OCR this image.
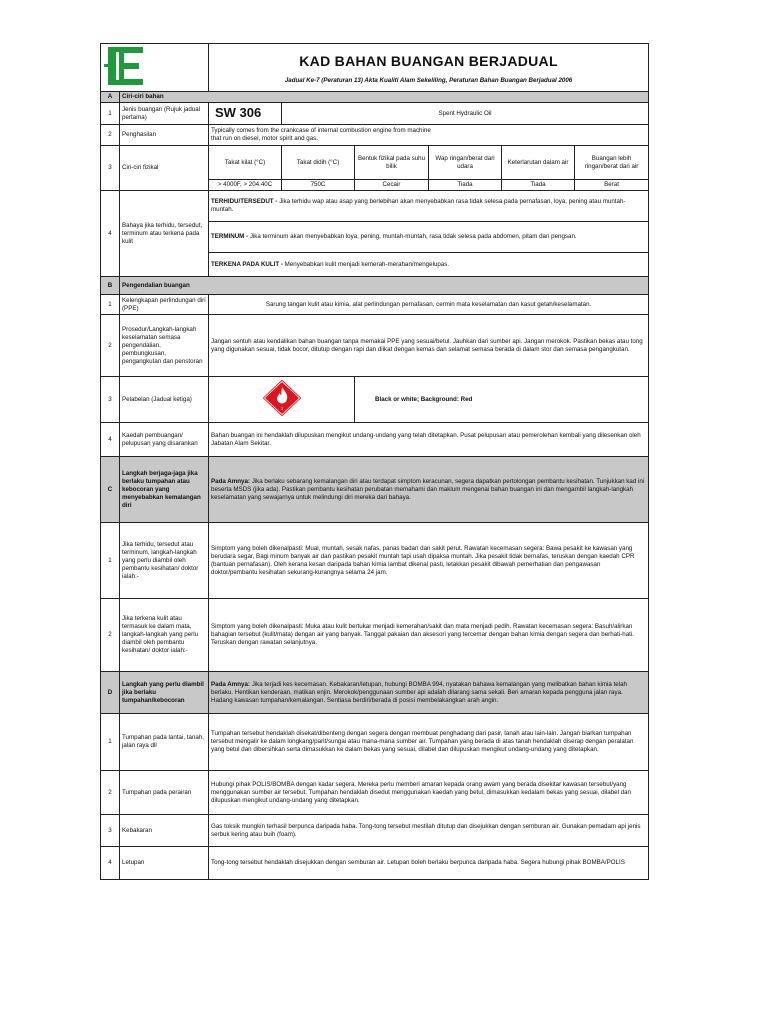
KAD BAHAN BUANGAN BERJADUAL
Jadual Ke-7 (Peraturan 13) Akta Kualiti Alam Sekeliling, Peraturan Bahan Buangan Berjadual 2006					

A	Ciri-ciri bahan						
1	Jenis buangan (Rujuk jadual pertama)	SW 306	Spent Hydraulic Oil				
2	Penghasilan	Typically comes from the crankcase of internal combustion engine from machine

that run on diesel, motor spirit and gas.					

3	Ciri-ciri fizikal	Takat kilat (°C)	Takat didih (°C)	Bentuk fizikal pada suhu bilik	Wap ringan/berat dari udara	Keterlarutan dalam air	Buangan lebih ringan/berat dari air
		> 4000F, > 204.40C	750C	Cecair	Tiada	Tiada	Berat
4	Bahaya jika terhidu, tersedut, terminum atau terkena pada kulit	TERHIDU/TERSEDUT - Jika terhidu wap atau asap yang berlebihan akan menyebabkan rasa tidak selesa pada pernafasan, loya, pening atau muntah-muntah.					
		TERMINUM - Jika terminum akan menyebabkan loya, pening, muntah-muntah, rasa tidak selesa pada abdomen, pitam dan pengsan.					
		TERKENA PADA KULIT - Menyebabkan kulit menjadi kemerah-merahan/mengelupas.					
B	Pengendalian buangan						
1	Kelengkapan perlindungan diri (PPE)	Sarung tangan kulit atau kimia, alat perlindungan pernafasan, cermin mata keselamatan dan kasut getah/keselamatan.					
2	Prosedur/Langkah-langkah keselamatan semasa pengendalian, pembungkusan, pengangkutan dan penstoran	Jangan sentuh atau kendalikan bahan buangan tanpa memakai PPE yang sesuai/betul. Jauhkan dari sumber api. Jangan merokok. Pastikan bekas atau tong yang digunakan sesuai, tidak bocor, ditutup dengan rapi dan diikat dengan kemas dan selamat semasa berada di dalam stor dan semasa pengangkutan.					
3	Pelabelan (Jadual ketiga)	3		Black or white; Background: Red			
4	Kaedah pembuangan/ pelupusan yang disarankan	Bahan buangan ini hendaklah dilupuskan mengikut undang-undang yang telah ditetapkan. Pusat pelupusan atau pemerolehan kembali yang dilesenkan oleh Jabatan Alam Sekitar.					
C	Langkah berjaga-jaga jika berlaku tumpahan atau kebocoran yang menyebabkan kemalangan diri	Pada Amnya: Jika berlaku sebarang kemalangan diri atau terdapat simptom keracunan, segera dapatkan pertolongan pembantu kesihatan. Tunjukkan kad ini beserta MSDS (jika ada). Pastikan pembantu kesihatan perubatan memahami dan maklum mengenai bahan buangan ini dan mengambil langkah-langkah keselamatan yang sewajarnya untuk melindungi diri mereka dari bahaya.					
1	Jika terhidu, tersedut atau terminum, langkah-langkah yang perlu diambil oleh pembantu kesihatan/ doktor ialah:-	Simptom yang boleh dikenalpasti: Mual, muntah, sesak nafas, panas badan dan sakit perut. Rawatan kecemasan segera: Bawa pesakit ke kawasan yang berudara segar, Bagi minum banyak air dan pastikan pesakit muntah tapi usah dipaksa muntah. Jika pesakit tidak bernafas, teruskan dengan kaedah CPR (bantuan pernafasan). Oleh kerana kesan daripada bahan kimia lambat dikenal pasti, letakkan pesakit dibawah pemerhatian dan pengawasan doktor/pembantu kesihatan sekurang-kurangnya selama 24 jam.					
2	Jika terkena kulit atau termasuk ke dalam mata, langkah-langkah yang perlu diambil oleh pembantu kesihatan/ doktor ialah:-	Simptom yang boleh dikenalpasti: Muka atau kulit bertukar menjadi kemerahan/sakit dan mata menjadi pedih. Rawatan kecemasan segera: Basuh/alirkan bahagian tersebut (kulit/mata) dengan air yang banyak. Tanggal pakaian dan aksesori yang tercemar dengan bahan kimia dengan segera dan berhati-hati. Teruskan dengan rawatan selanjutnya.					
D	Langkah yang perlu diambil jika berlaku tumpahan/kebocoran	Pada Amnya: Jika terjadi kes kecemasan. Kebakaran/letupan, hubungi BOMBA 994, nyatakan bahawa kemalangan yang melibatkan bahan kimia telah berlaku. Hentikan kenderaan, matikan enjin. Merokok/penggunaan sumber api adalah dilarang sama sekali. Beri amaran kepada pengguna jalan raya. Hadang kawasan tumpahan/kemalangan. Sentiasa berdiri/berada di posisi membelakangkan arah angin.					
1	Tumpahan pada lantai, tanah, jalan raya dll	Tumpahan tersebut hendaklah disekat/dibenteng dengan segera dengan membuat penghadang dari pasir, tanah atau lain-lain. Jangan biarkan tumpahan tersebut mengalir ke dalam longkang/parit/sungai atau mana-mana sumber air. Tumpahan yang berada di atas tanah hendaklah diserap dengan peralatan yang betul dan dibersihkan serta dimasukkan ke dalam bekas yang sesuai, dilabel dan dilupuskan mengikut undang-undang yang ditetapkan.					
2	Tumpahan pada perairan	Hubungi pihak POLIS/BOMBA dengan kadar segera. Mereka perlu memberi amaran kepada orang awam yang berada disekitar kawasan tersebut/yang menggunakan sumber air tersebut. Tumpahan hendaklah disedut menggunakan kaedah yang betul, dimasukkan kedalam bekas yang sesuai, dilabel dan dilupuskan mengikut undang-undang yang ditetapkan.					
3	Kebakaran	Gas toksik mungkin terhasil berpunca daripada haba. Tong-tong tersebut mestilah ditutup dan disejukkan dengan semburan air. Gunakan pemadam api jenis serbuk kering atau buih (foam).					
4	Letupan	Tong-tong tersebut hendaklah disejukkan dengan semburan air. Letupan boleh berlaku berpunca daripada haba. Segera hubungi pihak BOMBA/POLIS					
